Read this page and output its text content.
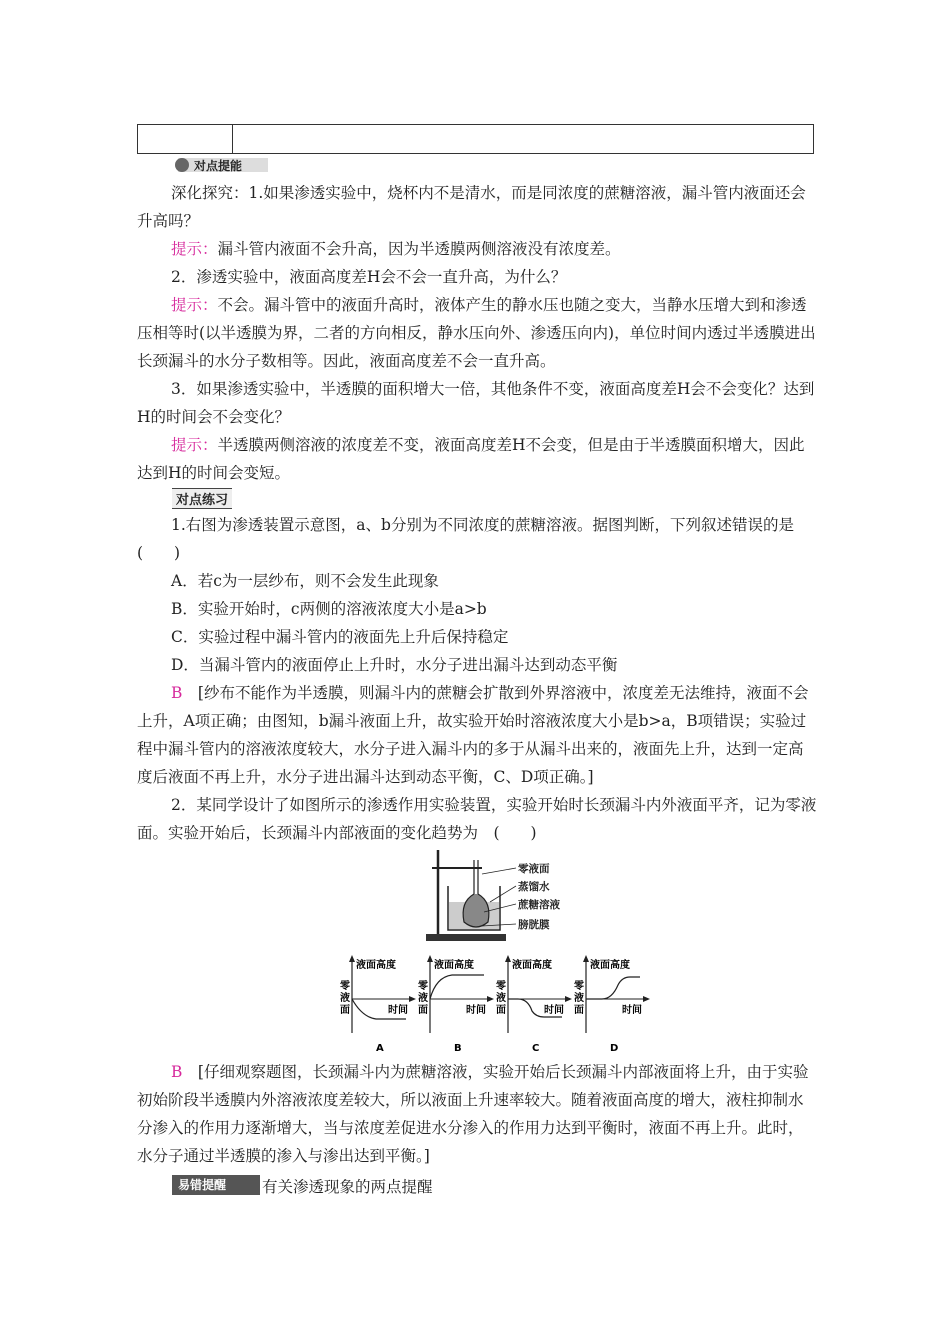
对点提能
深化探究：1.如果渗透实验中，烧杯内不是清水，而是同浓度的蔗糖溶液，漏斗管内液面还会升高吗？
提示：漏斗管内液面不会升高，因为半透膜两侧溶液没有浓度差。
2．渗透实验中，液面高度差H会不会一直升高，为什么？
提示：不会。漏斗管中的液面升高时，液体产生的静水压也随之变大，当静水压增大到和渗透压相等时(以半透膜为界，二者的方向相反，静水压向外、渗透压向内)，单位时间内透过半透膜进出长颈漏斗的水分子数相等。因此，液面高度差不会一直升高。
3．如果渗透实验中，半透膜的面积增大一倍，其他条件不变，液面高度差H会不会变化？达到H的时间会不会变化？
提示：半透膜两侧溶液的浓度差不变，液面高度差H不会变，但是由于半透膜面积增大，因此达到H的时间会变短。
对点练习
1.右图为渗透装置示意图，a、b分别为不同浓度的蔗糖溶液。据图判断，下列叙述错误的是(　　)
A．若c为一层纱布，则不会发生此现象
B．实验开始时，c两侧的溶液浓度大小是a>b
C．实验过程中漏斗管内的液面先上升后保持稳定
D．当漏斗管内的液面停止上升时，水分子进出漏斗达到动态平衡
B　 [纱布不能作为半透膜，则漏斗内的蔗糖会扩散到外界溶液中，浓度差无法维持，液面不会上升，A项正确；由图知，b漏斗液面上升，故实验开始时溶液浓度大小是b>a，B项错误；实验过程中漏斗管内的溶液浓度较大，水分子进入漏斗内的多于从漏斗出来的，液面先上升，达到一定高度后液面不再上升，水分子进出漏斗达到动态平衡，C、D项正确。]
2．某同学设计了如图所示的渗透作用实验装置，实验开始时长颈漏斗内外液面平齐，记为零液面。实验开始后，长颈漏斗内部液面的变化趋势为　(　　)
零液面
蒸馏水
蔗糖溶液
膀胱膜
液面高度
零
液
面	时间
A
液面高度
零
液
面	时间
B
液面高度
零
液
面	时间
C
液面高度
零
液
面	时间
D
B　 [仔细观察题图，长颈漏斗内为蔗糖溶液，实验开始后长颈漏斗内部液面将上升，由于实验初始阶段半透膜内外溶液浓度差较大，所以液面上升速率较大。随着液面高度的增大，液柱抑制水分渗入的作用力逐渐增大，当与浓度差促进水分渗入的作用力达到平衡时，液面不再上升。此时，水分子通过半透膜的渗入与渗出达到平衡。]
易错提醒	有关渗透现象的两点提醒
